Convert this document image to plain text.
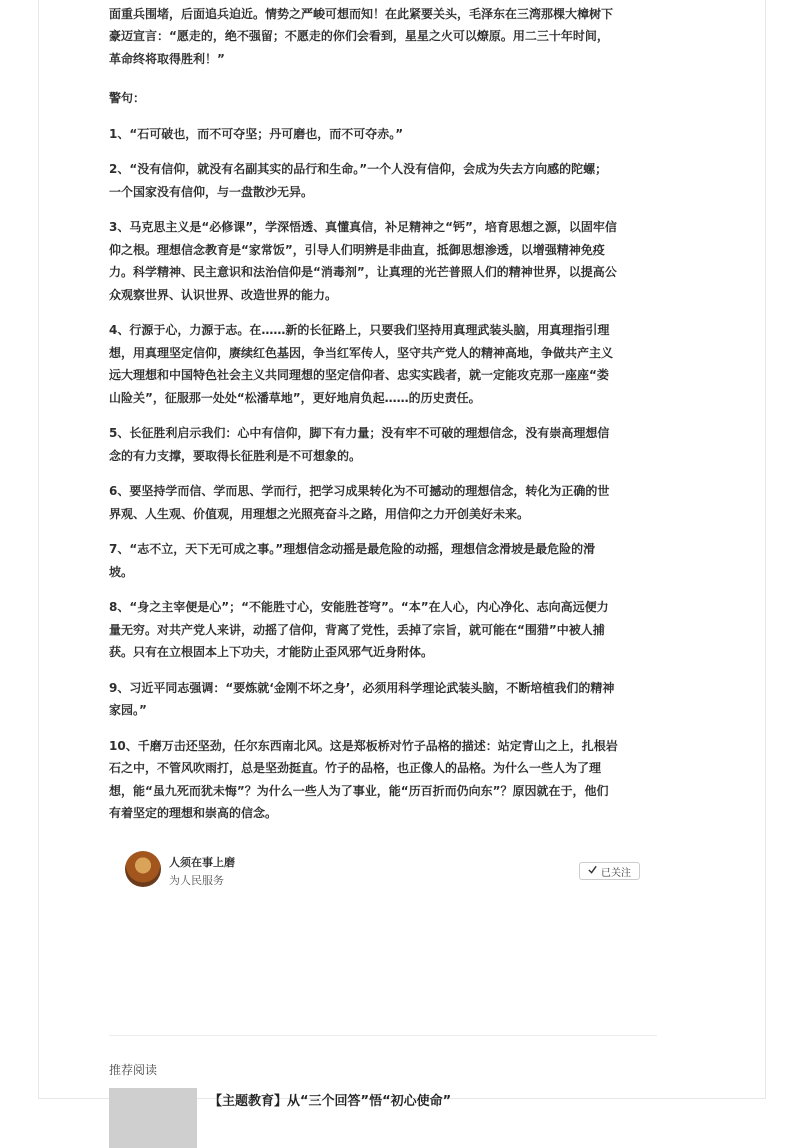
面重兵围堵，后面追兵迫近。情势之严峻可想而知！在此紧要关头，毛泽东在三湾那棵大樟树下豪迈宣言：“愿走的，绝不强留；不愿走的你们会看到，星星之火可以燎原。用二三十年时间，革命终将取得胜利！”

警句：

1、“石可破也，而不可夺坚；丹可磨也，而不可夺赤。”

2、“没有信仰，就没有名副其实的品行和生命。”一个人没有信仰，会成为失去方向感的陀螺；一个国家没有信仰，与一盘散沙无异。

3、马克思主义是“必修课”，学深悟透、真懂真信，补足精神之“钙”，培育思想之源，以固牢信仰之根。理想信念教育是“家常饭”，引导人们明辨是非曲直，抵御思想渗透，以增强精神免疫力。科学精神、民主意识和法治信仰是“消毒剂”，让真理的光芒普照人们的精神世界，以提高公众观察世界、认识世界、改造世界的能力。

4、行源于心，力源于志。在……新的长征路上，只要我们坚持用真理武装头脑，用真理指引理想，用真理坚定信仰，赓续红色基因，争当红军传人，坚守共产党人的精神高地，争做共产主义远大理想和中国特色社会主义共同理想的坚定信仰者、忠实实践者，就一定能攻克那一座座“娄山险关”，征服那一处处“松潘草地”，更好地肩负起……的历史责任。

5、长征胜利启示我们：心中有信仰，脚下有力量；没有牢不可破的理想信念，没有崇高理想信念的有力支撑，要取得长征胜利是不可想象的。

6、要坚持学而信、学而思、学而行，把学习成果转化为不可撼动的理想信念，转化为正确的世界观、人生观、价值观，用理想之光照亮奋斗之路，用信仰之力开创美好未来。

7、“志不立，天下无可成之事。”理想信念动摇是最危险的动摇，理想信念滑坡是最危险的滑坡。

8、“身之主宰便是心”；“不能胜寸心，安能胜苍穹”。“本”在人心，内心净化、志向高远便力量无穷。对共产党人来讲，动摇了信仰，背离了党性，丢掉了宗旨，就可能在“围猎”中被人捕获。只有在立根固本上下功夫，才能防止歪风邪气近身附体。

9、习近平同志强调：“要炼就‘金刚不坏之身’，必须用科学理论武装头脑，不断培植我们的精神家园。”

10、千磨万击还坚劲，任尔东西南北风。这是郑板桥对竹子品格的描述：站定青山之上，扎根岩石之中，不管风吹雨打，总是坚劲挺直。竹子的品格，也正像人的品格。为什么一些人为了理想，能“虽九死而犹未悔”？为什么一些人为了事业，能“历百折而仍向东”？原因就在于，他们有着坚定的理想和崇高的信念。

人须在事上磨
为人民服务
已关注
推荐阅读
【主题教育】从“三个回答”悟“初心使命”
